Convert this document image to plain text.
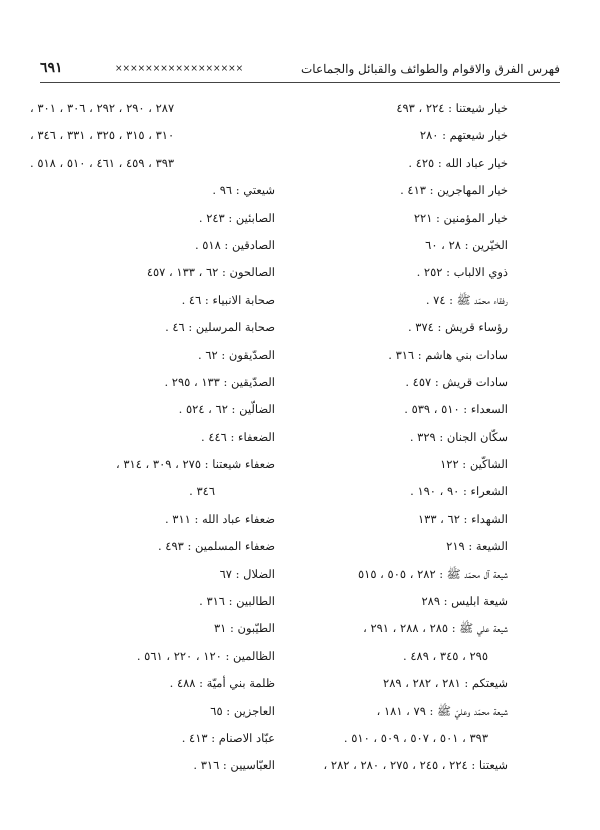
فهرس الفرق والاقوام والطوائف والقبائل والجماعات
×××××××××××××××××
٦٩١
خيار شيعتنا : ٢٢٤ ، ٤٩٣
خيار شيعتهم : ٢٨٠
خيار عباد الله : ٤٢٥ .
خيار المهاجرين : ٤١٣ .
خيار المؤمنين : ٢٢١
الخيّرين : ٢٨ ، ٦٠
ذوي الالباب : ٢٥٢ .
رفقاء محمّد ﷺ : ٧٤ .
رؤساء قريش : ٣٧٤ .
سادات بني هاشم : ٣١٦ .
سادات قريش : ٤٥٧ .
السعداء : ٥١٠ ، ٥٣٩ .
سكّان الجنان : ٣٢٩ .
الشاكّين : ١٢٢
الشعراء : ٩٠ ، ١٩٠ .
الشهداء : ٦٢ ، ١٣٣
الشيعة : ٢١٩
شيعة آل محمّد ﷺ : ٢٨٢ ، ٥٠٥ ، ٥١٥
شيعة ابليس : ٢٨٩
شيعة علي ﷺ : ٢٨٥ ، ٢٨٨ ، ٢٩١ ،
٢٩٥ ، ٣٤٥ ، ٤٨٩ .
شيعتكم : ٢٨١ ، ٢٨٢ ، ٢٨٩
شيعة محمّد وعليّ ﷺ : ٧٩ ، ١٨١ ،
٣٩٣ ، ٥٠١ ، ٥٠٧ ، ٥٠٩ ، ٥١٠ .
شيعتنا : ٢٢٤ ، ٢٤٥ ، ٢٧٥ ، ٢٨٠ ، ٢٨٢ ،
٢٨٧ ، ٢٩٠ ، ٢٩٢ ، ٣٠٦ ، ٣٠١ ،
٣١٠ ، ٣١٥ ، ٣٢٥ ، ٣٣١ ، ٣٤٦ ،
٣٩٣ ، ٤٥٩ ، ٤٦١ ، ٥١٠ ، ٥١٨ .
شيعتي : ٩٦ .
الصابئين : ٢٤٣ .
الصادقين : ٥١٨ .
الصالحون : ٦٢ ، ١٣٣ ، ٤٥٧
صحابة الانبياء : ٤٦ .
صحابة المرسلين : ٤٦ .
الصدّيقون : ٦٢ .
الصدّيقين : ١٣٣ ، ٢٩٥ .
الضالّين : ٦٢ ، ٥٢٤ .
الضعفاء : ٤٤٦ .
ضعفاء شيعتنا : ٢٧٥ ، ٣٠٩ ، ٣١٤ ،
٣٤٦ .
ضعفاء عباد الله : ٣١١ .
ضعفاء المسلمين : ٤٩٣ .
الضلال : ٦٧
الطالبين : ٣١٦ .
الطيّبون : ٣١
الظالمين : ١٢٠ ، ٢٢٠ ، ٥٦١ .
ظلمة بني أميّة : ٤٨٨ .
العاجزين : ٦٥
عبّاد الاصنام : ٤١٣ .
العبّاسيين : ٣١٦ .
